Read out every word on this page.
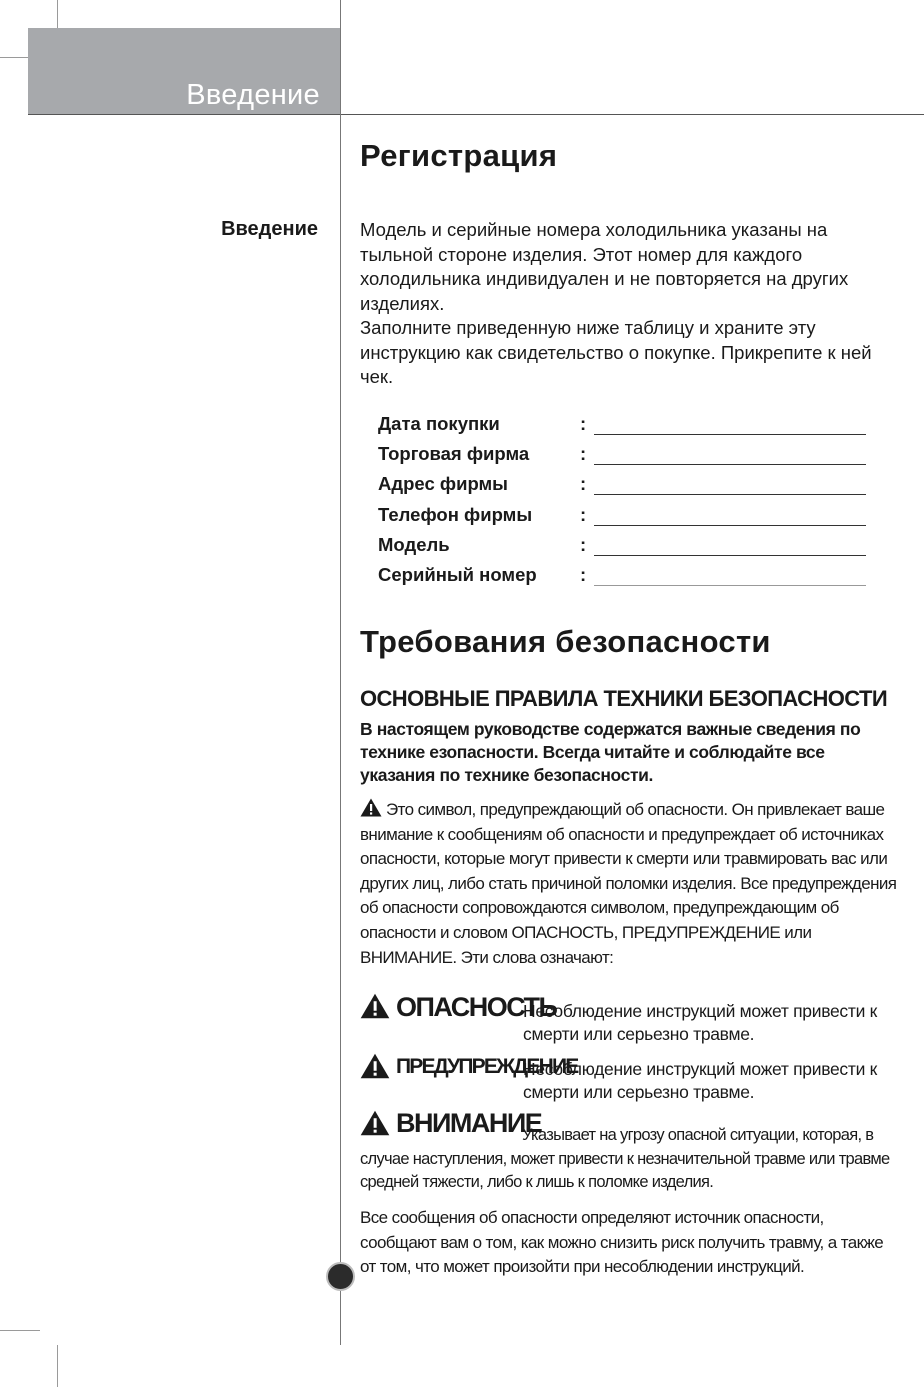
Введение
Введение
Регистрация
Модель и серийные номера холодильника указаны на тыльной стороне изделия. Этот номер для каждого холодильника индивидуален и не повторяется на других изделиях.
Заполните приведенную ниже таблицу и храните эту инструкцию как свидетельство о покупке. Прикрепите к ней чек.
Дата покупки	:
Торговая фирма	:
Адрес фирмы	:
Телефон фирмы	:
Модель	:
Серийный номер :
Требования безопасности
ОСНОВНЫЕ ПРАВИЛА ТЕХНИКИ БЕЗОПАСНОСТИ
В настоящем руководстве содержатся важные сведения по технике езопасности. Всегда читайте и соблюдайте все указания по технике безопасности.
Это символ, предупреждающий об опасности. Он привлекает ваше внимание к сообщениям об опасности и предупреждает об источниках опасности, которые могут привести к смерти или травмировать вас или других лиц, либо стать причиной поломки изделия. Все предупреждения об опасности сопровождаются символом, предупреждающим об опасности и словом ОПАСНОСТЬ, ПРЕДУПРЕЖДЕНИЕ или ВНИМАНИЕ. Эти слова означают:
ОПАСНОСТЬ
Несоблюдение инструкций может привести к смерти или серьезно травме.
ПРЕДУПРЕЖДЕНИЕ
Несоблюдение инструкций может привести к смерти или серьезно травме.
ВНИМАНИЕ
Указывает на угрозу опасной ситуации, которая, в случае наступления, может привести к незначительной травме или травме средней тяжести, либо к лишь к поломке изделия.
Все сообщения об опасности определяют источник опасности, сообщают вам о том, как можно снизить риск получить травму, а также от том, что может произойти при несоблюдении инструкций.
